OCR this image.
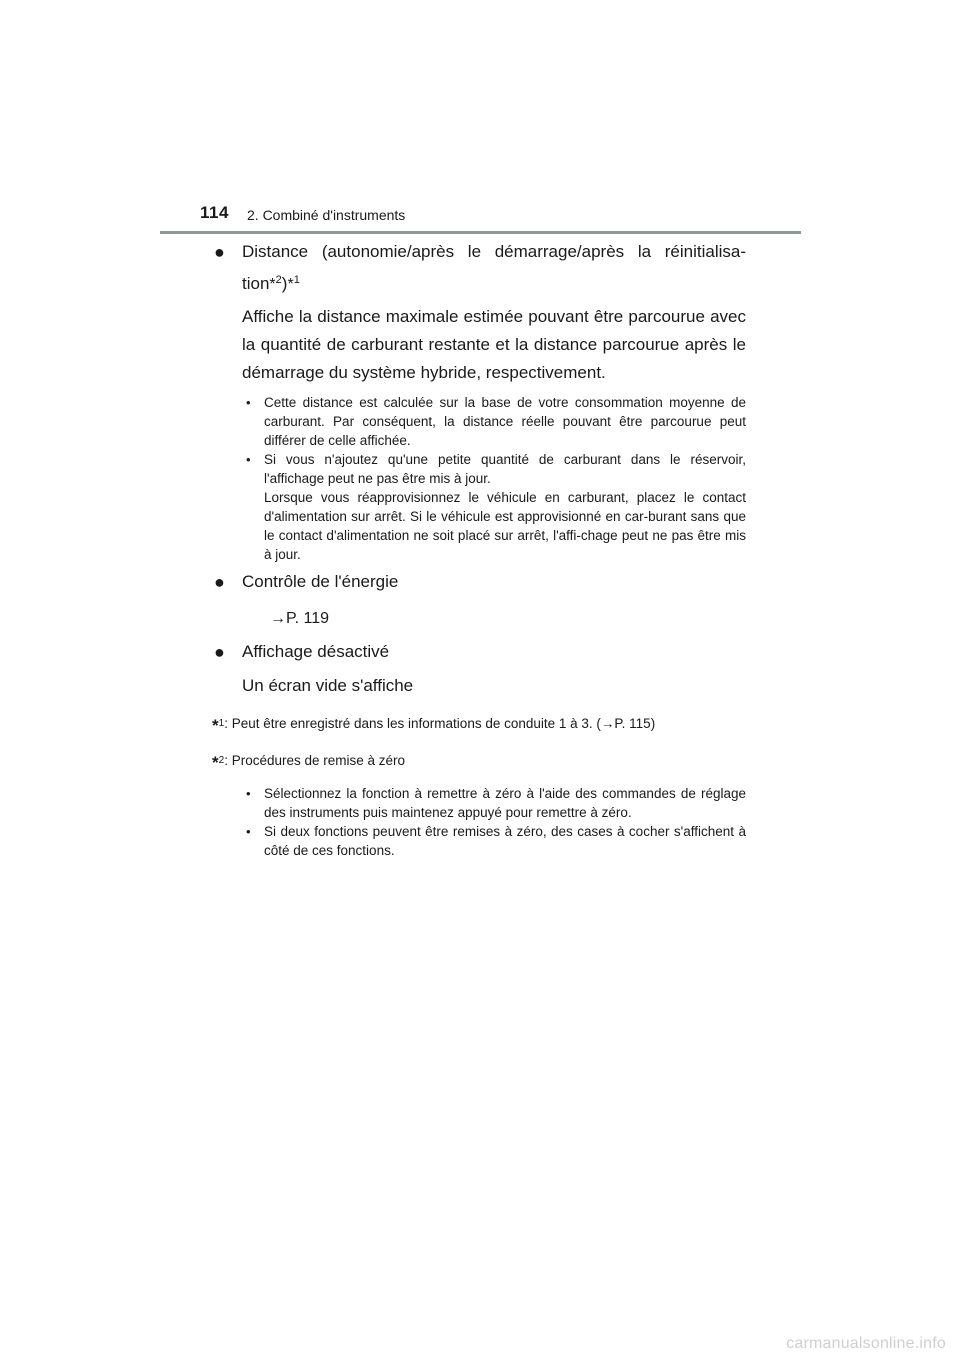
114 2. Combiné d'instruments
●	Distance (autonomie/après le démarrage/après la réinitialisa-tion*$^2$)*$^1$
Affiche la distance maximale estimée pouvant être parcourue avec la quantité de carburant restante et la distance parcourue après le démarrage du système hybride, respectivement.
• Cette distance est calculée sur la base de votre consommation moyenne de carburant. Par conséquent, la distance réelle pouvant être parcourue peut différer de celle affichée.
• Si vous n'ajoutez qu'une petite quantité de carburant dans le réservoir, l'affichage peut ne pas être mis à jour.
Lorsque vous réapprovisionnez le véhicule en carburant, placez le contact d'alimentation sur arrêt. Si le véhicule est approvisionné en car-burant sans que le contact d'alimentation ne soit placé sur arrêt, l'affi-chage peut ne pas être mis à jour.
●	Contrôle de l'énergie
→P. 119
●	Affichage désactivé
Un écran vide s'affiche
*$^1$ : Peut être enregistré dans les informations de conduite 1 à 3. (→P. 115)
*$^2$ : Procédures de remise à zéro
• Sélectionnez la fonction à remettre à zéro à l'aide des commandes de réglage des instruments puis maintenez appuyé pour remettre à zéro.
• Si deux fonctions peuvent être remises à zéro, des cases à cocher s'affichent à côté de ces fonctions.
carmanualsonline.info
